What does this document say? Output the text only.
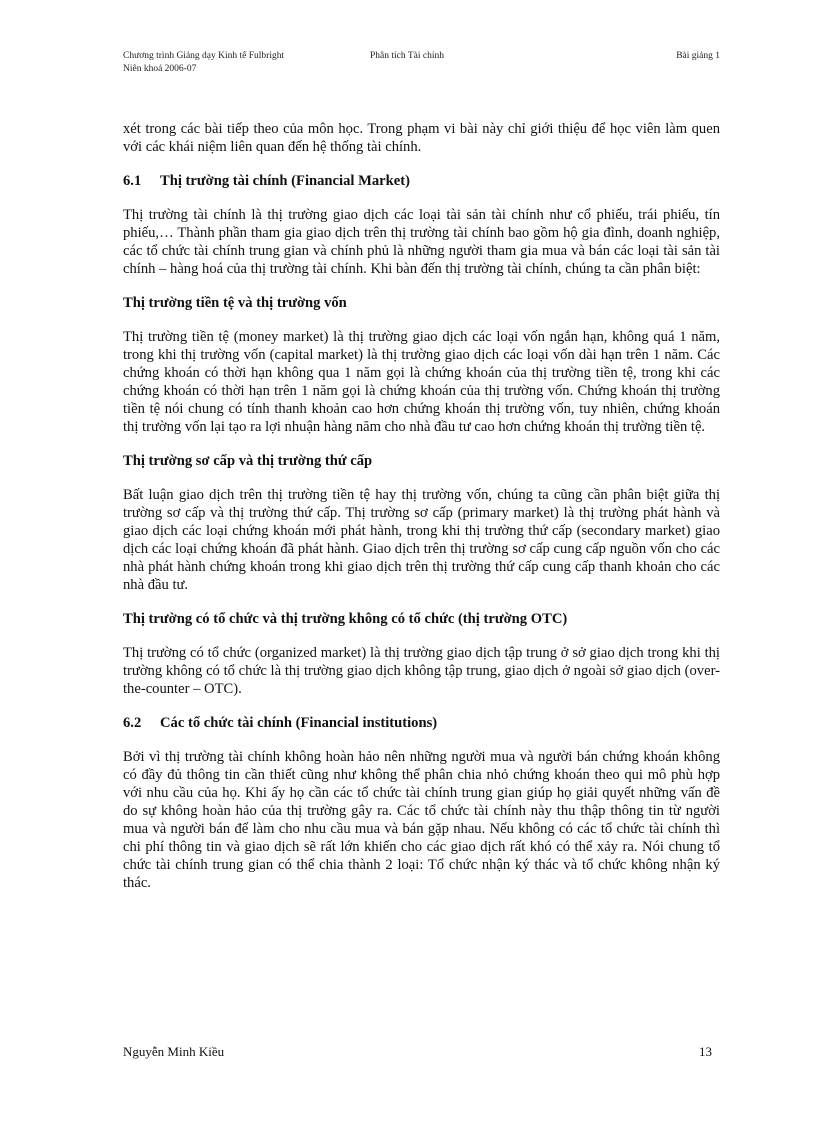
Chương trình Giảng dạy Kinh tế Fulbright
Niên khoá 2006-07
Phân tích Tài chính	Bài giảng 1

xét trong các bài tiếp theo của môn học. Trong phạm vi bài này chỉ giới thiệu để học viên làm quen với các khái niệm liên quan đến hệ thống tài chính.

6.1 Thị trường tài chính (Financial Market)

Thị trường tài chính là thị trường giao dịch các loại tài sản tài chính như cổ phiếu, trái phiếu, tín phiếu,… Thành phần tham gia giao dịch trên thị trường tài chính bao gồm hộ gia đình, doanh nghiệp, các tổ chức tài chính trung gian và chính phủ là những người tham gia mua và bán các loại tài sản tài chính – hàng hoá của thị trường tài chính. Khi bàn đến thị trường tài chính, chúng ta cần phân biệt:

Thị trường tiền tệ và thị trường vốn

Thị trường tiền tệ (money market) là thị trường giao dịch các loại vốn ngắn hạn, không quá 1 năm, trong khi thị trường vốn (capital market) là thị trường giao dịch các loại vốn dài hạn trên 1 năm. Các chứng khoán có thời hạn không qua 1 năm gọi là chứng khoán của thị trường tiền tệ, trong khi các chứng khoán có thời hạn trên 1 năm gọi là chứng khoán của thị trường vốn. Chứng khoán thị trường tiền tệ nói chung có tính thanh khoản cao hơn chứng khoán thị trường vốn, tuy nhiên, chứng khoán thị trường vốn lại tạo ra lợi nhuận hàng năm cho nhà đầu tư cao hơn chứng khoán thị trường tiền tệ.

Thị trường sơ cấp và thị trường thứ cấp

Bất luận giao dịch trên thị trường tiền tệ hay thị trường vốn, chúng ta cũng cần phân biệt giữa thị trường sơ cấp và thị trường thứ cấp. Thị trường sơ cấp (primary market) là thị trường phát hành và giao dịch các loại chứng khoán mới phát hành, trong khi thị trường thứ cấp (secondary market) giao dịch các loại chứng khoán đã phát hành. Giao dịch trên thị trường sơ cấp cung cấp nguồn vốn cho các nhà phát hành chứng khoán trong khi giao dịch trên thị trường thứ cấp cung cấp thanh khoản cho các nhà đầu tư.

Thị trường có tổ chức và thị trường không có tổ chức (thị trường OTC)

Thị trường có tổ chức (organized market) là thị trường giao dịch tập trung ở sở giao dịch trong khi thị trường không có tổ chức là thị trường giao dịch không tập trung, giao dịch ở ngoài sở giao dịch (over-the-counter – OTC).

6.2 Các tổ chức tài chính (Financial institutions)

Bởi vì thị trường tài chính không hoàn hảo nên những người mua và người bán chứng khoán không có đầy đủ thông tin cần thiết cũng như không thể phân chia nhỏ chứng khoán theo qui mô phù hợp với nhu cầu của họ. Khi ấy họ cần các tổ chức tài chính trung gian giúp họ giải quyết những vấn đề do sự không hoàn hảo của thị trường gây ra. Các tổ chức tài chính này thu thập thông tin từ người mua và người bán để làm cho nhu cầu mua và bán gặp nhau. Nếu không có các tổ chức tài chính thì chi phí thông tin và giao dịch sẽ rất lớn khiến cho các giao dịch rất khó có thể xảy ra. Nói chung tổ chức tài chính trung gian có thể chia thành 2 loại: Tổ chức nhận ký thác và tổ chức không nhận ký thác.

Nguyễn Minh Kiều	13
